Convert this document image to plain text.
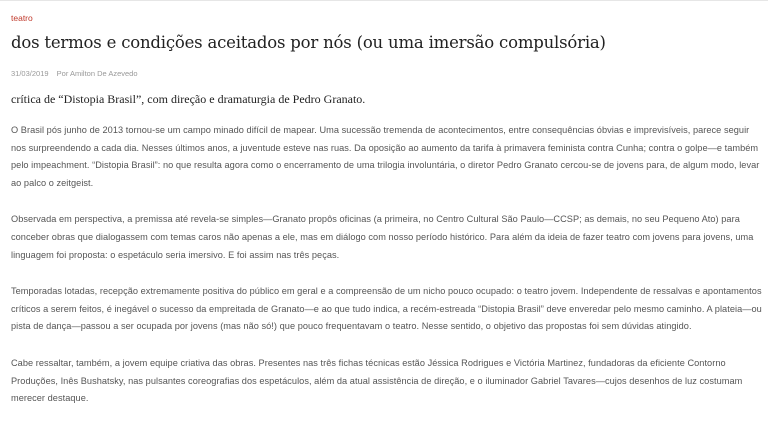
teatro
dos termos e condições aceitados por nós (ou uma imersão compulsória)
31/03/2019 Por Amilton De Azevedo

crítica de “Distopia Brasil”, com direção e dramaturgia de Pedro Granato.

O Brasil pós junho de 2013 tornou-se um campo minado difícil de mapear. Uma sucessão tremenda de acontecimentos, entre consequências óbvias e imprevisíveis, parece seguir nos surpreendendo a cada dia. Nesses últimos anos, a juventude esteve nas ruas. Da oposição ao aumento da tarifa à primavera feminista contra Cunha; contra o golpe—e também pelo impeachment. “Distopia Brasil”: no que resulta agora como o encerramento de uma trilogia involuntária, o diretor Pedro Granato cercou-se de jovens para, de algum modo, levar ao palco o zeitgeist.

Observada em perspectiva, a premissa até revela-se simples—Granato propôs oficinas (a primeira, no Centro Cultural São Paulo—CCSP; as demais, no seu Pequeno Ato) para conceber obras que dialogassem com temas caros não apenas a ele, mas em diálogo com nosso período histórico. Para além da ideia de fazer teatro com jovens para jovens, uma linguagem foi proposta: o espetáculo seria imersivo. E foi assim nas três peças.

Temporadas lotadas, recepção extremamente positiva do público em geral e a compreensão de um nicho pouco ocupado: o teatro jovem. Independente de ressalvas e apontamentos críticos a serem feitos, é inegável o sucesso da empreitada de Granato—e ao que tudo indica, a recém-estreada “Distopia Brasil” deve enveredar pelo mesmo caminho. A plateia—ou pista de dança—passou a ser ocupada por jovens (mas não só!) que pouco frequentavam o teatro. Nesse sentido, o objetivo das propostas foi sem dúvidas atingido.

Cabe ressaltar, também, a jovem equipe criativa das obras. Presentes nas três fichas técnicas estão Jéssica Rodrigues e Victória Martinez, fundadoras da eficiente Contorno Produções, Inês Bushatsky, nas pulsantes coreografias dos espetáculos, além da atual assistência de direção, e o iluminador Gabriel Tavares—cujos desenhos de luz costumam merecer destaque.
